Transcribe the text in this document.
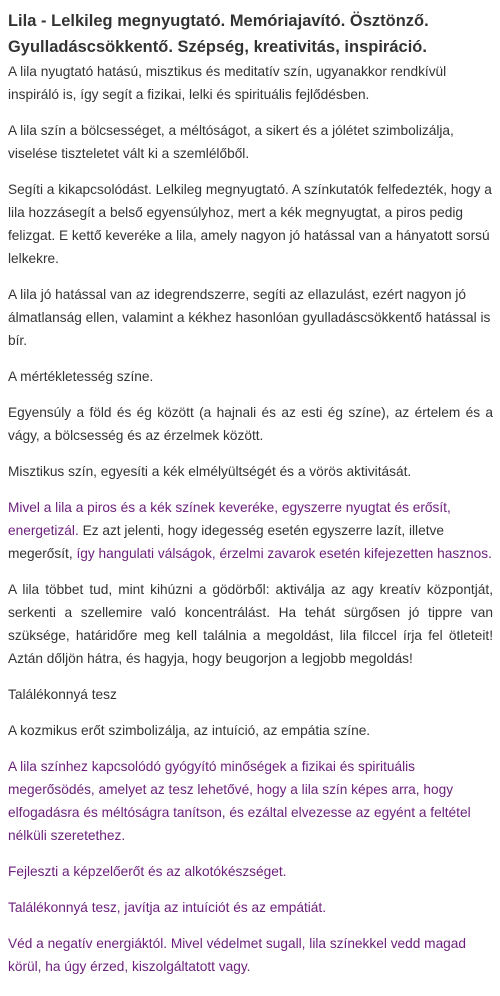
Lila - Lelkileg megnyugtató. Memóriajavító. Ösztönző. Gyulladáscsökkentő. Szépség, kreativitás, inspiráció.

A lila nyugtató hatású, misztikus és meditatív szín, ugyanakkor rendkívül inspiráló is, így segít a fizikai, lelki és spirituális fejlődésben.

A lila szín a bölcsességet, a méltóságot, a sikert és a jólétet szimbolizálja, viselése tiszteletet vált ki a szemlélőből.

Segíti a kikapcsolódást. Lelkileg megnyugtató. A színkutatók felfedezték, hogy a lila hozzásegít a belső egyensúlyhoz, mert a kék megnyugtat, a piros pedig felizgat. E kettő keveréke a lila, amely nagyon jó hatással van a hányatott sorsú lelkekre.

A lila jó hatással van az idegrendszerre, segíti az ellazulást, ezért nagyon jó álmatlanság ellen, valamint a kékhez hasonlóan gyulladáscsökkentő hatással is bír.

A mértékletesség színe.

Egyensúly a föld és ég között (a hajnali és az esti ég színe), az értelem és a vágy, a bölcsesség és az érzelmek között.

Misztikus szín, egyesíti a kék elmélyültségét és a vörös aktivitását.

Mivel a lila a piros és a kék színek keveréke, egyszerre nyugtat és erősít, energetizál. Ez azt jelenti, hogy idegesség esetén egyszerre lazít, illetve megerősít, így hangulati válságok, érzelmi zavarok esetén kifejezetten hasznos.

A lila többet tud, mint kihúzni a gödörből: aktiválja az agy kreatív központját, serkenti a szellemire való koncentrálást. Ha tehát sürgősen jó tippre van szüksége, határidőre meg kell találnia a megoldást, lila filccel írja fel ötleteit! Aztán dőljön hátra, és hagyja, hogy beugorjon a legjobb megoldás!

Találékonnyá tesz

A kozmikus erőt szimbolizálja, az intuíció, az empátia színe.

A lila színhez kapcsolódó gyógyító minőségek a fizikai és spirituális megerősödés, amelyet az tesz lehetővé, hogy a lila szín képes arra, hogy elfogadásra és méltóságra tanítson, és ezáltal elvezesse az egyént a feltétel nélküli szeretethez.

Fejleszti a képzelőerőt és az alkotókészséget.

Találékonnyá tesz, javítja az intuíciót és az empátiát.

Véd a negatív energiáktól. Mivel védelmet sugall, lila színekkel vedd magad körül, ha úgy érzed, kiszolgáltatott vagy.
